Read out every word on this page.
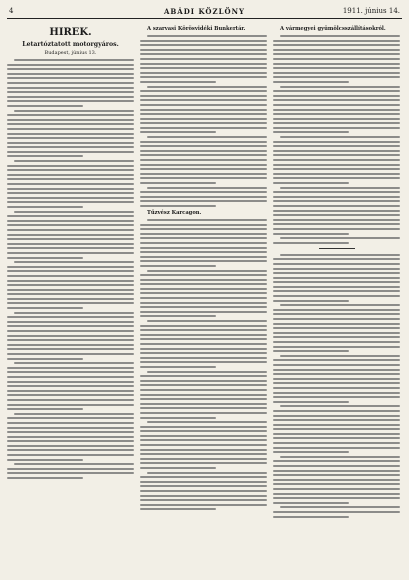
4	ABÁDI KÖZLÖNY	1911. június 14.
HIREK.
Letartóztatott motorgyáros.
Budapest, június 13.
A szarvasi Körösvidéki Bunkertár.
Tűzvész Karcagon.
A vármegyei gyümölcsszállításokról.
